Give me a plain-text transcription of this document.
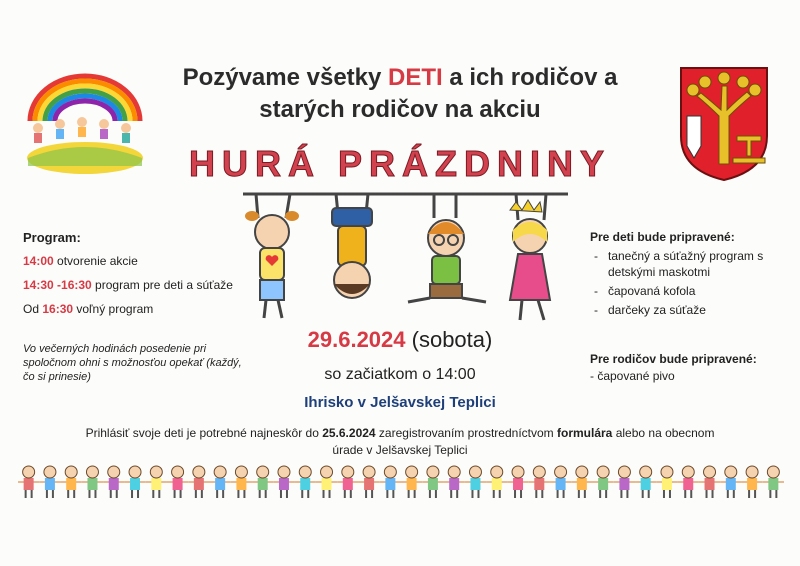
Pozývame všetky DETI a ich rodičov a
starých rodičov na akciu
HURÁ PRÁZDNINY
Program:
14:00 otvorenie akcie
14:30 -16:30 program pre deti a súťaže
Od 16:30 voľný program
Vo večerných hodinách posedenie pri spoločnom ohni s možnosťou opekať (každý, čo si prinesie)
29.6.2024 (sobota)
so začiatkom o 14:00
Ihrisko v Jelšavskej Teplici
Pre deti bude pripravené:
- tanečný a súťažný program s detskými maskotmi
- čapovaná kofola
- darčeky za súťaže
Pre rodičov bude pripravené:
- čapované pivo
Prihlásiť svoje deti je potrebné najneskôr do 25.6.2024 zaregistrovaním prostredníctvom formulára alebo na obecnom
úrade v Jelšavskej Teplici
